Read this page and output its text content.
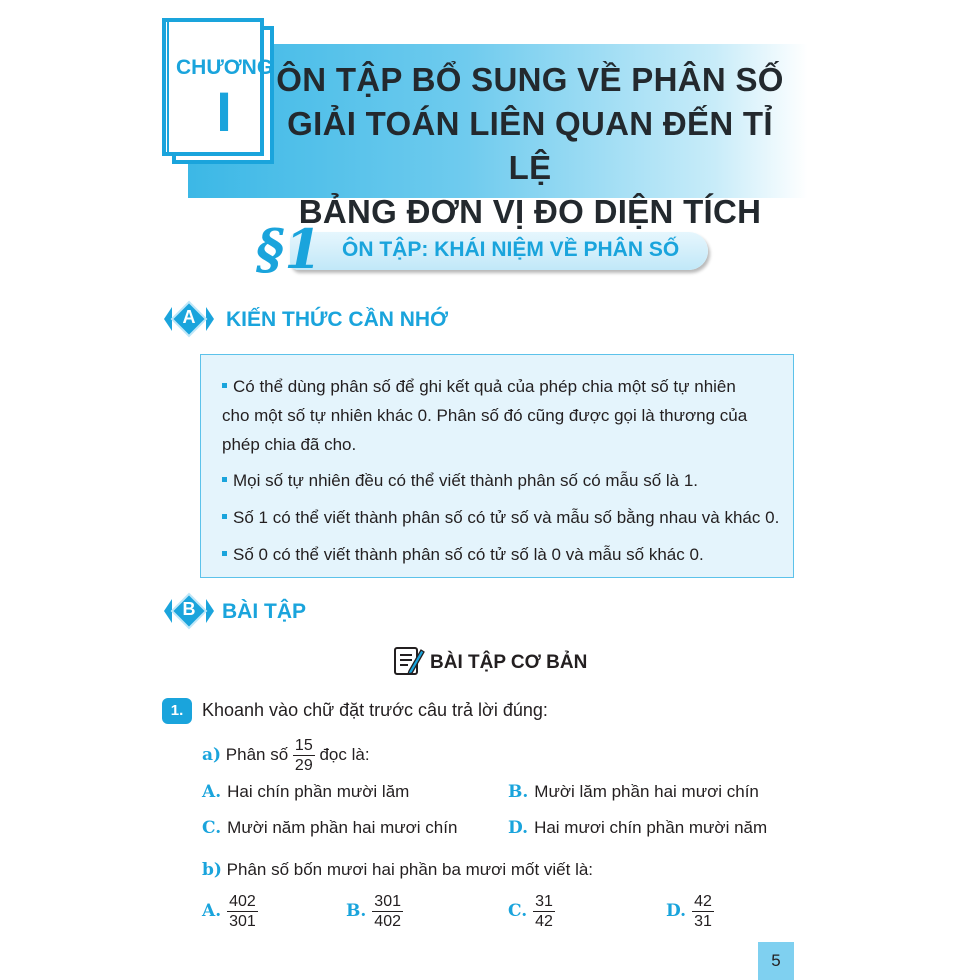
CHƯƠNG
I
ÔN TẬP BỔ SUNG VỀ PHÂN SỐ
GIẢI TOÁN LIÊN QUAN ĐẾN TỈ LỆ
BẢNG ĐƠN VỊ ĐO DIỆN TÍCH
§1 ÔN TẬP: KHÁI NIỆM VỀ PHÂN SỐ
A KIẾN THỨC CẦN NHỚ
Có thể dùng phân số để ghi kết quả của phép chia một số tự nhiên
cho một số tự nhiên khác 0. Phân số đó cũng được gọi là thương của
phép chia đã cho.
Mọi số tự nhiên đều có thể viết thành phân số có mẫu số là 1.
Số 1 có thể viết thành phân số có tử số và mẫu số bằng nhau và khác 0.
Số 0 có thể viết thành phân số có tử số là 0 và mẫu số khác 0.
B BÀI TẬP
BÀI TẬP CƠ BẢN
1.	Khoanh vào chữ đặt trước câu trả lời đúng:
a) Phân số $\frac{15}{29}$ đọc là:
A. Hai chín phần mười lăm	B. Mười lăm phần hai mươi chín
C. Mười năm phần hai mươi chín	D. Hai mươi chín phần mười năm
b) Phân số bốn mươi hai phần ba mươi mốt viết là:
A. $\frac{402}{301}$	B. $\frac{301}{402}$	C. $\frac{31}{42}$	D. $\frac{42}{31}$
5
